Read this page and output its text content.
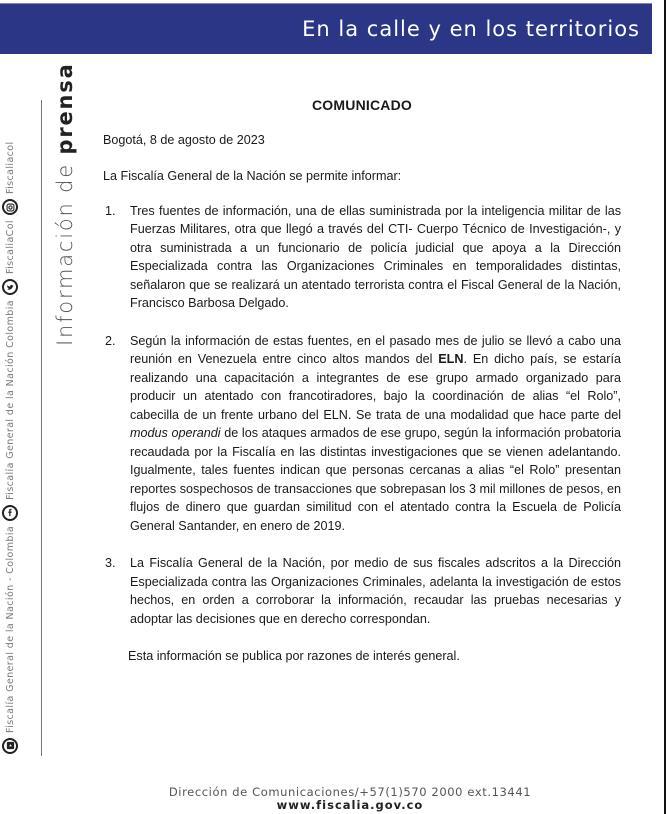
En la calle y en los territorios
Fiscalía General de la Nación - Colombia
Fiscalía General de la Nación Colombia
FiscaliaCol
Fiscaliacol Información de prensa	COMUNICADO
Bogotá, 8 de agosto de 2023
La Fiscalía General de la Nación se permite informar:
1.	Tres fuentes de información, una de ellas suministrada por la inteligencia militar de las Fuerzas Militares, otra que llegó a través del CTI- Cuerpo Técnico de Investigación-, y otra suministrada a un funcionario de policía judicial que apoya a la Dirección Especializada contra las Organizaciones Criminales en temporalidades distintas, señalaron que se realizará un atentado terrorista contra el Fiscal General de la Nación, Francisco Barbosa Delgado.
2.	Según la información de estas fuentes, en el pasado mes de julio se llevó a cabo una reunión en Venezuela entre cinco altos mandos del ELN. En dicho país, se estaría realizando una capacitación a integrantes de ese grupo armado organizado para producir un atentado con francotiradores, bajo la coordinación de alias “el Rolo”, cabecilla de un frente urbano del ELN. Se trata de una modalidad que hace parte del modus operandi de los ataques armados de ese grupo, según la información probatoria recaudada por la Fiscalía en las distintas investigaciones que se vienen adelantando. Igualmente, tales fuentes indican que personas cercanas a alias “el Rolo” presentan reportes sospechosos de transacciones que sobrepasan los 3 mil millones de pesos, en flujos de dinero que guardan similitud con el atentado contra la Escuela de Policía General Santander, en enero de 2019.
3.	La Fiscalía General de la Nación, por medio de sus fiscales adscritos a la Dirección Especializada contra las Organizaciones Criminales, adelanta la investigación de estos hechos, en orden a corroborar la información, recaudar las pruebas necesarias y adoptar las decisiones que en derecho correspondan.
Esta información se publica por razones de interés general.
Dirección de Comunicaciones/+57(1)570 2000 ext.13441
www.fiscalia.gov.co
